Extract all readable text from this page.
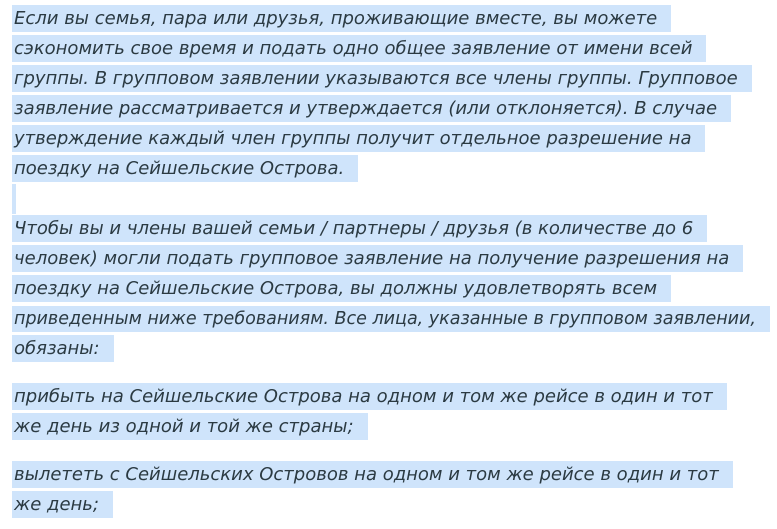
Если вы семья, пара или друзья, проживающие вместе, вы можете
сэкономить свое время и подать одно общее заявление от имени всей
группы. В групповом заявлении указываются все члены группы. Групповое
заявление рассматривается и утверждается (или отклоняется). В случае
утверждение каждый член группы получит отдельное разрешение на
поездку на Сейшельские Острова.
Чтобы вы и члены вашей семьи / партнеры / друзья (в количестве до 6
человек) могли подать групповое заявление на получение разрешения на
поездку на Сейшельские Острова, вы должны удовлетворять всем
приведенным ниже требованиям. Все лица, указанные в групповом заявлении,
обязаны:
прибыть на Сейшельские Острова на одном и том же рейсе в один и тот
же день из одной и той же страны;
вылететь с Сейшельских Островов на одном и том же рейсе в один и тот
же день;
